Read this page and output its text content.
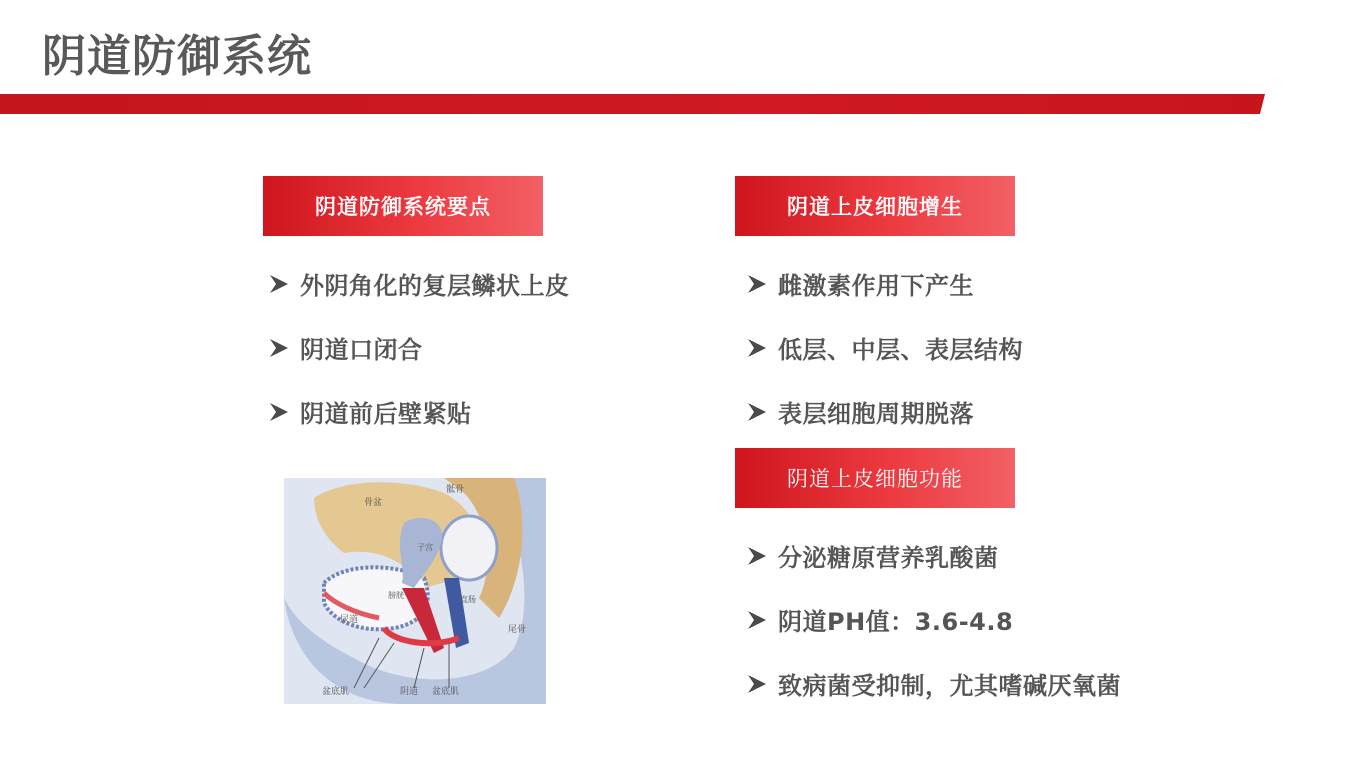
阴道防御系统
阴道防御系统要点
外阴角化的复层鳞状上皮
阴道口闭合
阴道前后壁紧贴
骨盆
骶骨
子宫
膀胱	直肠
尿道
尾骨
盆底肌	阴道 盆底肌
阴道上皮细胞增生
雌激素作用下产生
低层、中层、表层结构
表层细胞周期脱落
阴道上皮细胞功能
分泌糖原营养乳酸菌
阴道PH值：3.6-4.8
致病菌受抑制，尤其嗜碱厌氧菌
